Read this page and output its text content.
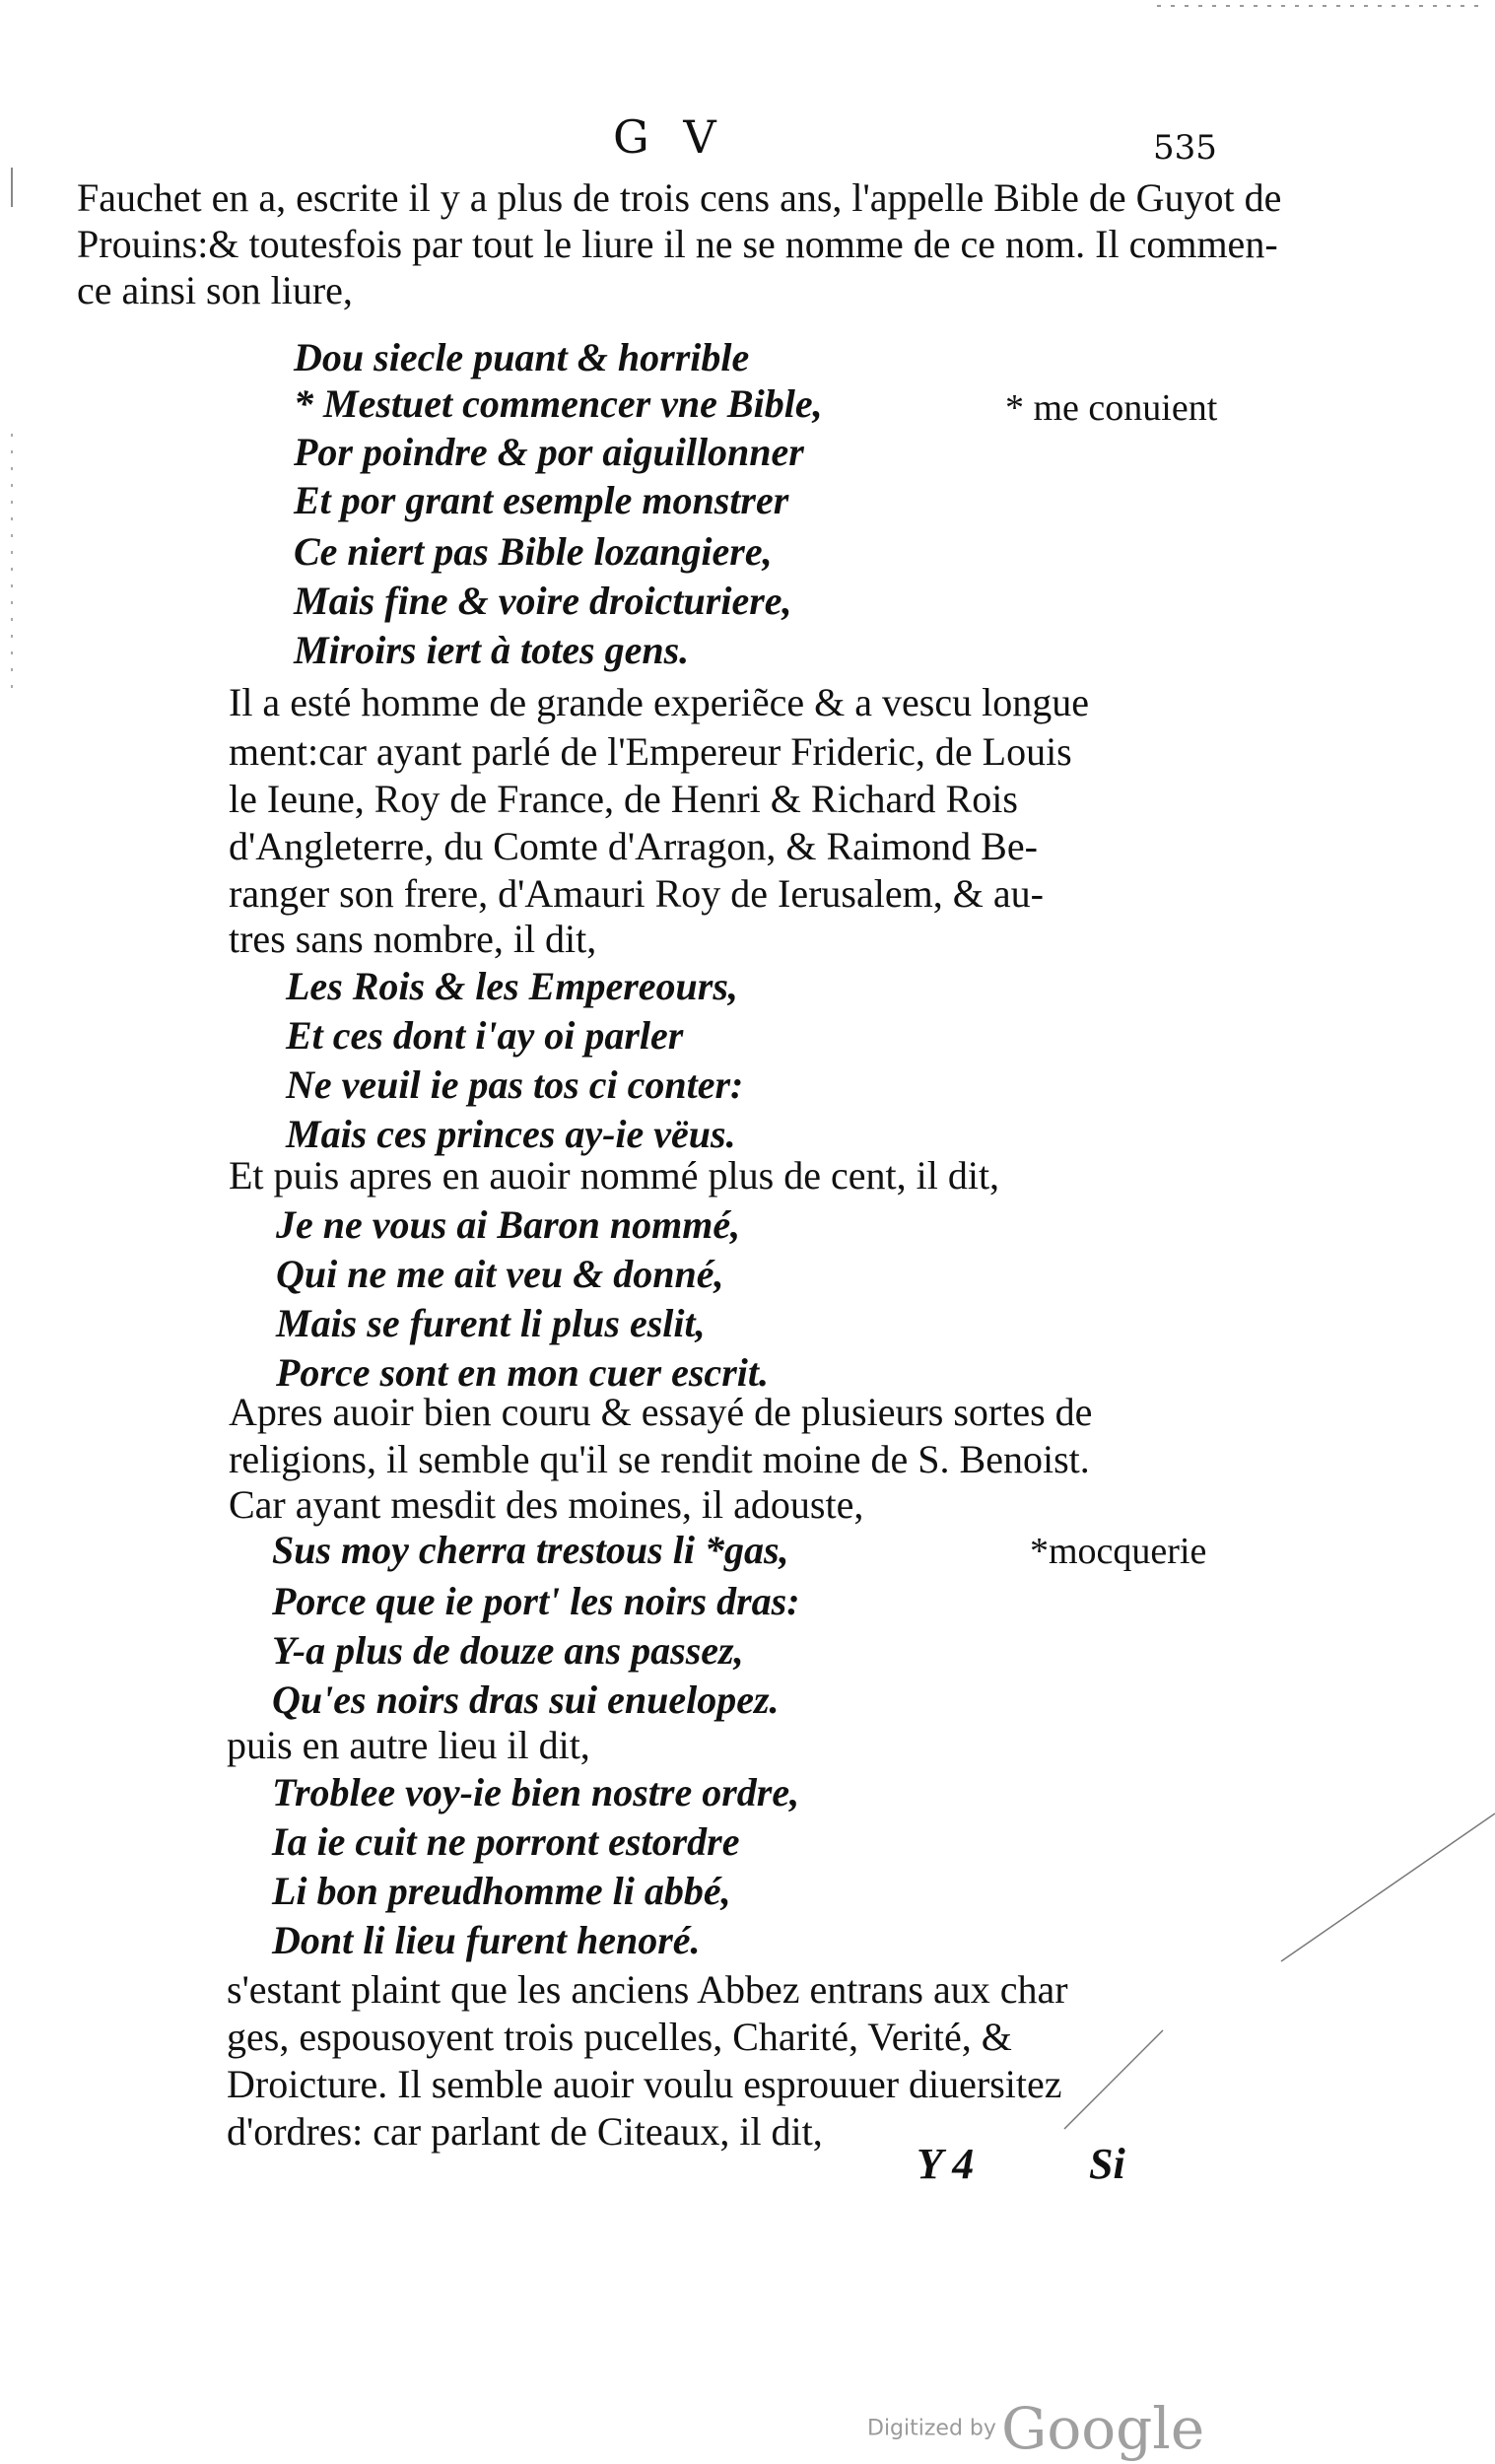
G V	535
Fauchet en a, escrite il y a plus de trois cens ans, l'appelle Bible de Guyot de
Prouins:& toutesfois par tout le liure il ne se nomme de ce nom. Il commen-
ce ainsi son liure,
Dou siecle puant & horrible
* Mestuet commencer vne Bible,
Por poindre & por aiguillonner
Et por grant esemple monstrer
Ce niert pas Bible lozangiere,
Mais fine & voire droicturiere,
Miroirs iert à totes gens.
* me conuient
Il a esté homme de grande experiẽce & a vescu longue
ment:car ayant parlé de l'Empereur Frideric, de Louis
le Ieune, Roy de France, de Henri & Richard Rois
d'Angleterre, du Comte d'Arragon, & Raimond Be-
ranger son frere, d'Amauri Roy de Ierusalem, & au-
tres sans nombre, il dit,
Les Rois & les Empereours,
Et ces dont i'ay oi parler
Ne veuil ie pas tos ci conter:
Mais ces princes ay-ie vëus.
Et puis apres en auoir nommé plus de cent, il dit,
Je ne vous ai Baron nommé,
Qui ne me ait veu & donné,
Mais se furent li plus eslit,
Porce sont en mon cuer escrit.
Apres auoir bien couru & essayé de plusieurs sortes de
religions, il semble qu'il se rendit moine de S. Benoist.
Car ayant mesdit des moines, il adouste,
Sus moy cherra trestous li *gas,
Porce que ie port' les noirs dras:
Y-a plus de douze ans passez,
Qu'es noirs dras sui enuelopez.
*mocquerie
puis en autre lieu il dit,
Troblee voy-ie bien nostre ordre,
Ia ie cuit ne porront estordre
Li bon preudhomme li abbé,
Dont li lieu furent henoré.
s'estant plaint que les anciens Abbez entrans aux char
ges, espousoyent trois pucelles, Charité, Verité, &
Droicture. Il semble auoir voulu esprouuer diuersitez
d'ordres: car parlant de Citeaux, il dit,
Y 4	Si
Digitized by Google
